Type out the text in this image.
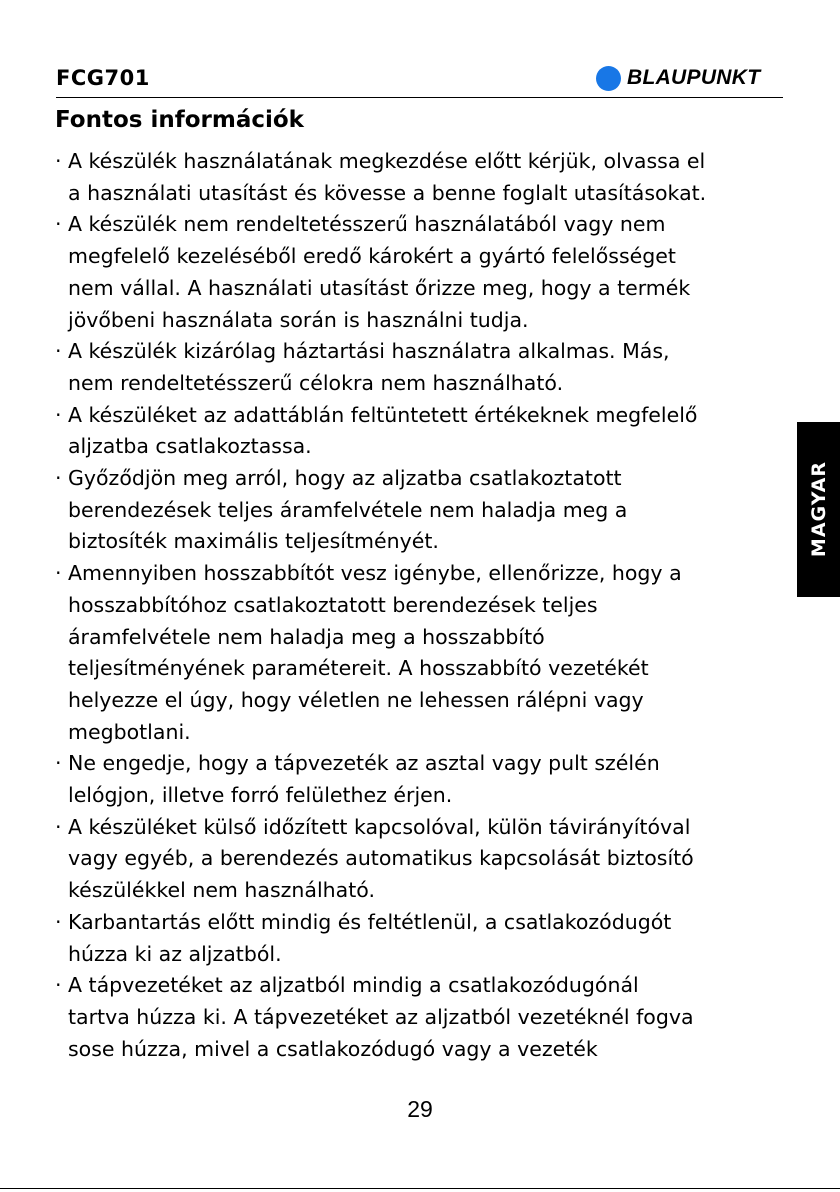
FCG701	BLAUPUNKT
Fontos információk
· A készülék használatának megkezdése előtt kérjük, olvassa el
a használati utasítást és kövesse a benne foglalt utasításokat.
· A készülék nem rendeltetésszerű használatából vagy nem
megfelelő kezeléséből eredő károkért a gyártó felelősséget
nem vállal. A használati utasítást őrizze meg, hogy a termék
jövőbeni használata során is használni tudja.
· A készülék kizárólag háztartási használatra alkalmas. Más,
nem rendeltetésszerű célokra nem használható.
· A készüléket az adattáblán feltüntetett értékeknek megfelelő
aljzatba csatlakoztassa.
· Győződjön meg arról, hogy az aljzatba csatlakoztatott
berendezések teljes áramfelvétele nem haladja meg a
biztosíték maximális teljesítményét.
· Amennyiben hosszabbítót vesz igénybe, ellenőrizze, hogy a
hosszabbítóhoz csatlakoztatott berendezések teljes
áramfelvétele nem haladja meg a hosszabbító
teljesítményének paramétereit. A hosszabbító vezetékét
helyezze el úgy, hogy véletlen ne lehessen rálépni vagy
megbotlani.
· Ne engedje, hogy a tápvezeték az asztal vagy pult szélén
lelógjon, illetve forró felülethez érjen.
· A készüléket külső időzített kapcsolóval, külön távirányítóval
vagy egyéb, a berendezés automatikus kapcsolását biztosító
készülékkel nem használható.
· Karbantartás előtt mindig és feltétlenül, a csatlakozódugót
húzza ki az aljzatból.
· A tápvezetéket az aljzatból mindig a csatlakozódugónál
tartva húzza ki. A tápvezetéket az aljzatból vezetéknél fogva
sose húzza, mivel a csatlakozódugó vagy a vezeték
MAGYAR
29
